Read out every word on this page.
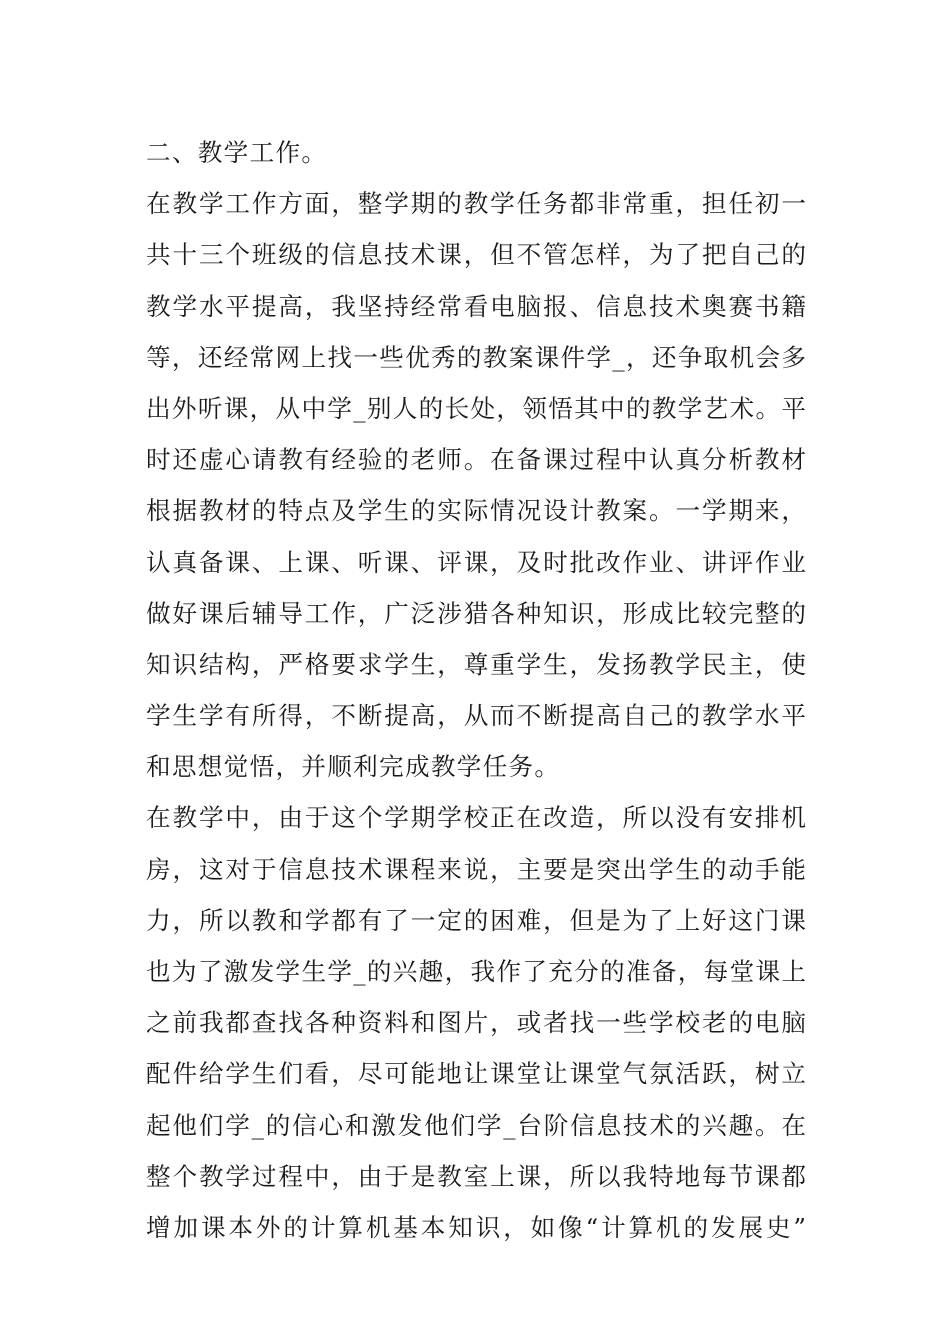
二、教学工作。
在教学工作方面，整学期的教学任务都非常重，担任初一
共十三个班级的信息技术课，但不管怎样，为了把自己的
教学水平提高，我坚持经常看电脑报、信息技术奥赛书籍
等，还经常网上找一些优秀的教案课件学_，还争取机会多
出外听课，从中学_别人的长处，领悟其中的教学艺术。平
时还虚心请教有经验的老师。在备课过程中认真分析教材
根据教材的特点及学生的实际情况设计教案。一学期来，
认真备课、上课、听课、评课，及时批改作业、讲评作业
做好课后辅导工作，广泛涉猎各种知识，形成比较完整的
知识结构，严格要求学生，尊重学生，发扬教学民主，使
学生学有所得，不断提高，从而不断提高自己的教学水平
和思想觉悟，并顺利完成教学任务。
在教学中，由于这个学期学校正在改造，所以没有安排机
房，这对于信息技术课程来说，主要是突出学生的动手能
力，所以教和学都有了一定的困难，但是为了上好这门课
也为了激发学生学_的兴趣，我作了充分的准备，每堂课上
之前我都查找各种资料和图片，或者找一些学校老的电脑
配件给学生们看，尽可能地让课堂让课堂气氛活跃，树立
起他们学_的信心和激发他们学_台阶信息技术的兴趣。在
整个教学过程中，由于是教室上课，所以我特地每节课都
增加课本外的计算机基本知识，如像“计算机的发展史”
